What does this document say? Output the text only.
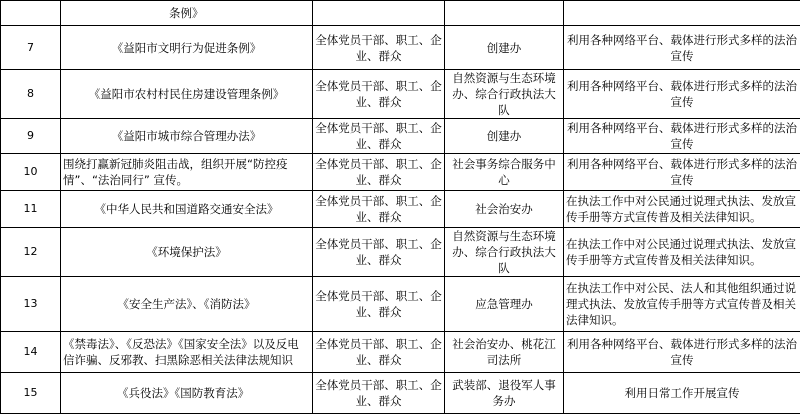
	条例》			
7	《益阳市文明行为促进条例》	全体党员干部、职工、企业、群众	创建办	利用各种网络平台、载体进行形式多样的法治宣传
8	《益阳市农村村民住房建设管理条例》	全体党员干部、职工、企业、群众	自然资源与生态环境办、综合行政执法大队	利用各种网络平台、载体进行形式多样的法治宣传
9	《益阳市城市综合管理办法》	全体党员干部、职工、企业、群众	创建办	利用各种网络平台、载体进行形式多样的法治宣传
10	围绕打赢新冠肺炎阻击战，组织开展“防控疫情”、“法治同行” 宣传。	全体党员干部、职工、企业、群众	社会事务综合服务中心	利用各种网络平台、载体进行形式多样的法治宣传
11	《中华人民共和国道路交通安全法》	全体党员干部、职工、企业、群众	社会治安办	在执法工作中对公民通过说理式执法、发放宣传手册等方式宣传普及相关法律知识。
12	《环境保护法》	全体党员干部、职工、企业、群众	自然资源与生态环境办、综合行政执法大队	在执法工作中对公民通过说理式执法、发放宣传手册等方式宣传普及相关法律知识。
13	《安全生产法》、《消防法》	全体党员干部、职工、企业、群众	应急管理办	在执法工作中对公民、法人和其他组织通过说理式执法、发放宣传手册等方式宣传普及相关法律知识。
14	《禁毒法》、《反恐法》《国家安全法》以及反电信诈骗、反邪教、扫黑除恶相关法律法规知识	全体党员干部、职工、企业、群众	社会治安办、桃花江司法所	利用各种网络平台、载体进行形式多样的法治宣传
15	《兵役法》《国防教育法》	全体党员干部、职工、企业、群众	武装部、退役军人事务办	利用日常工作开展宣传
